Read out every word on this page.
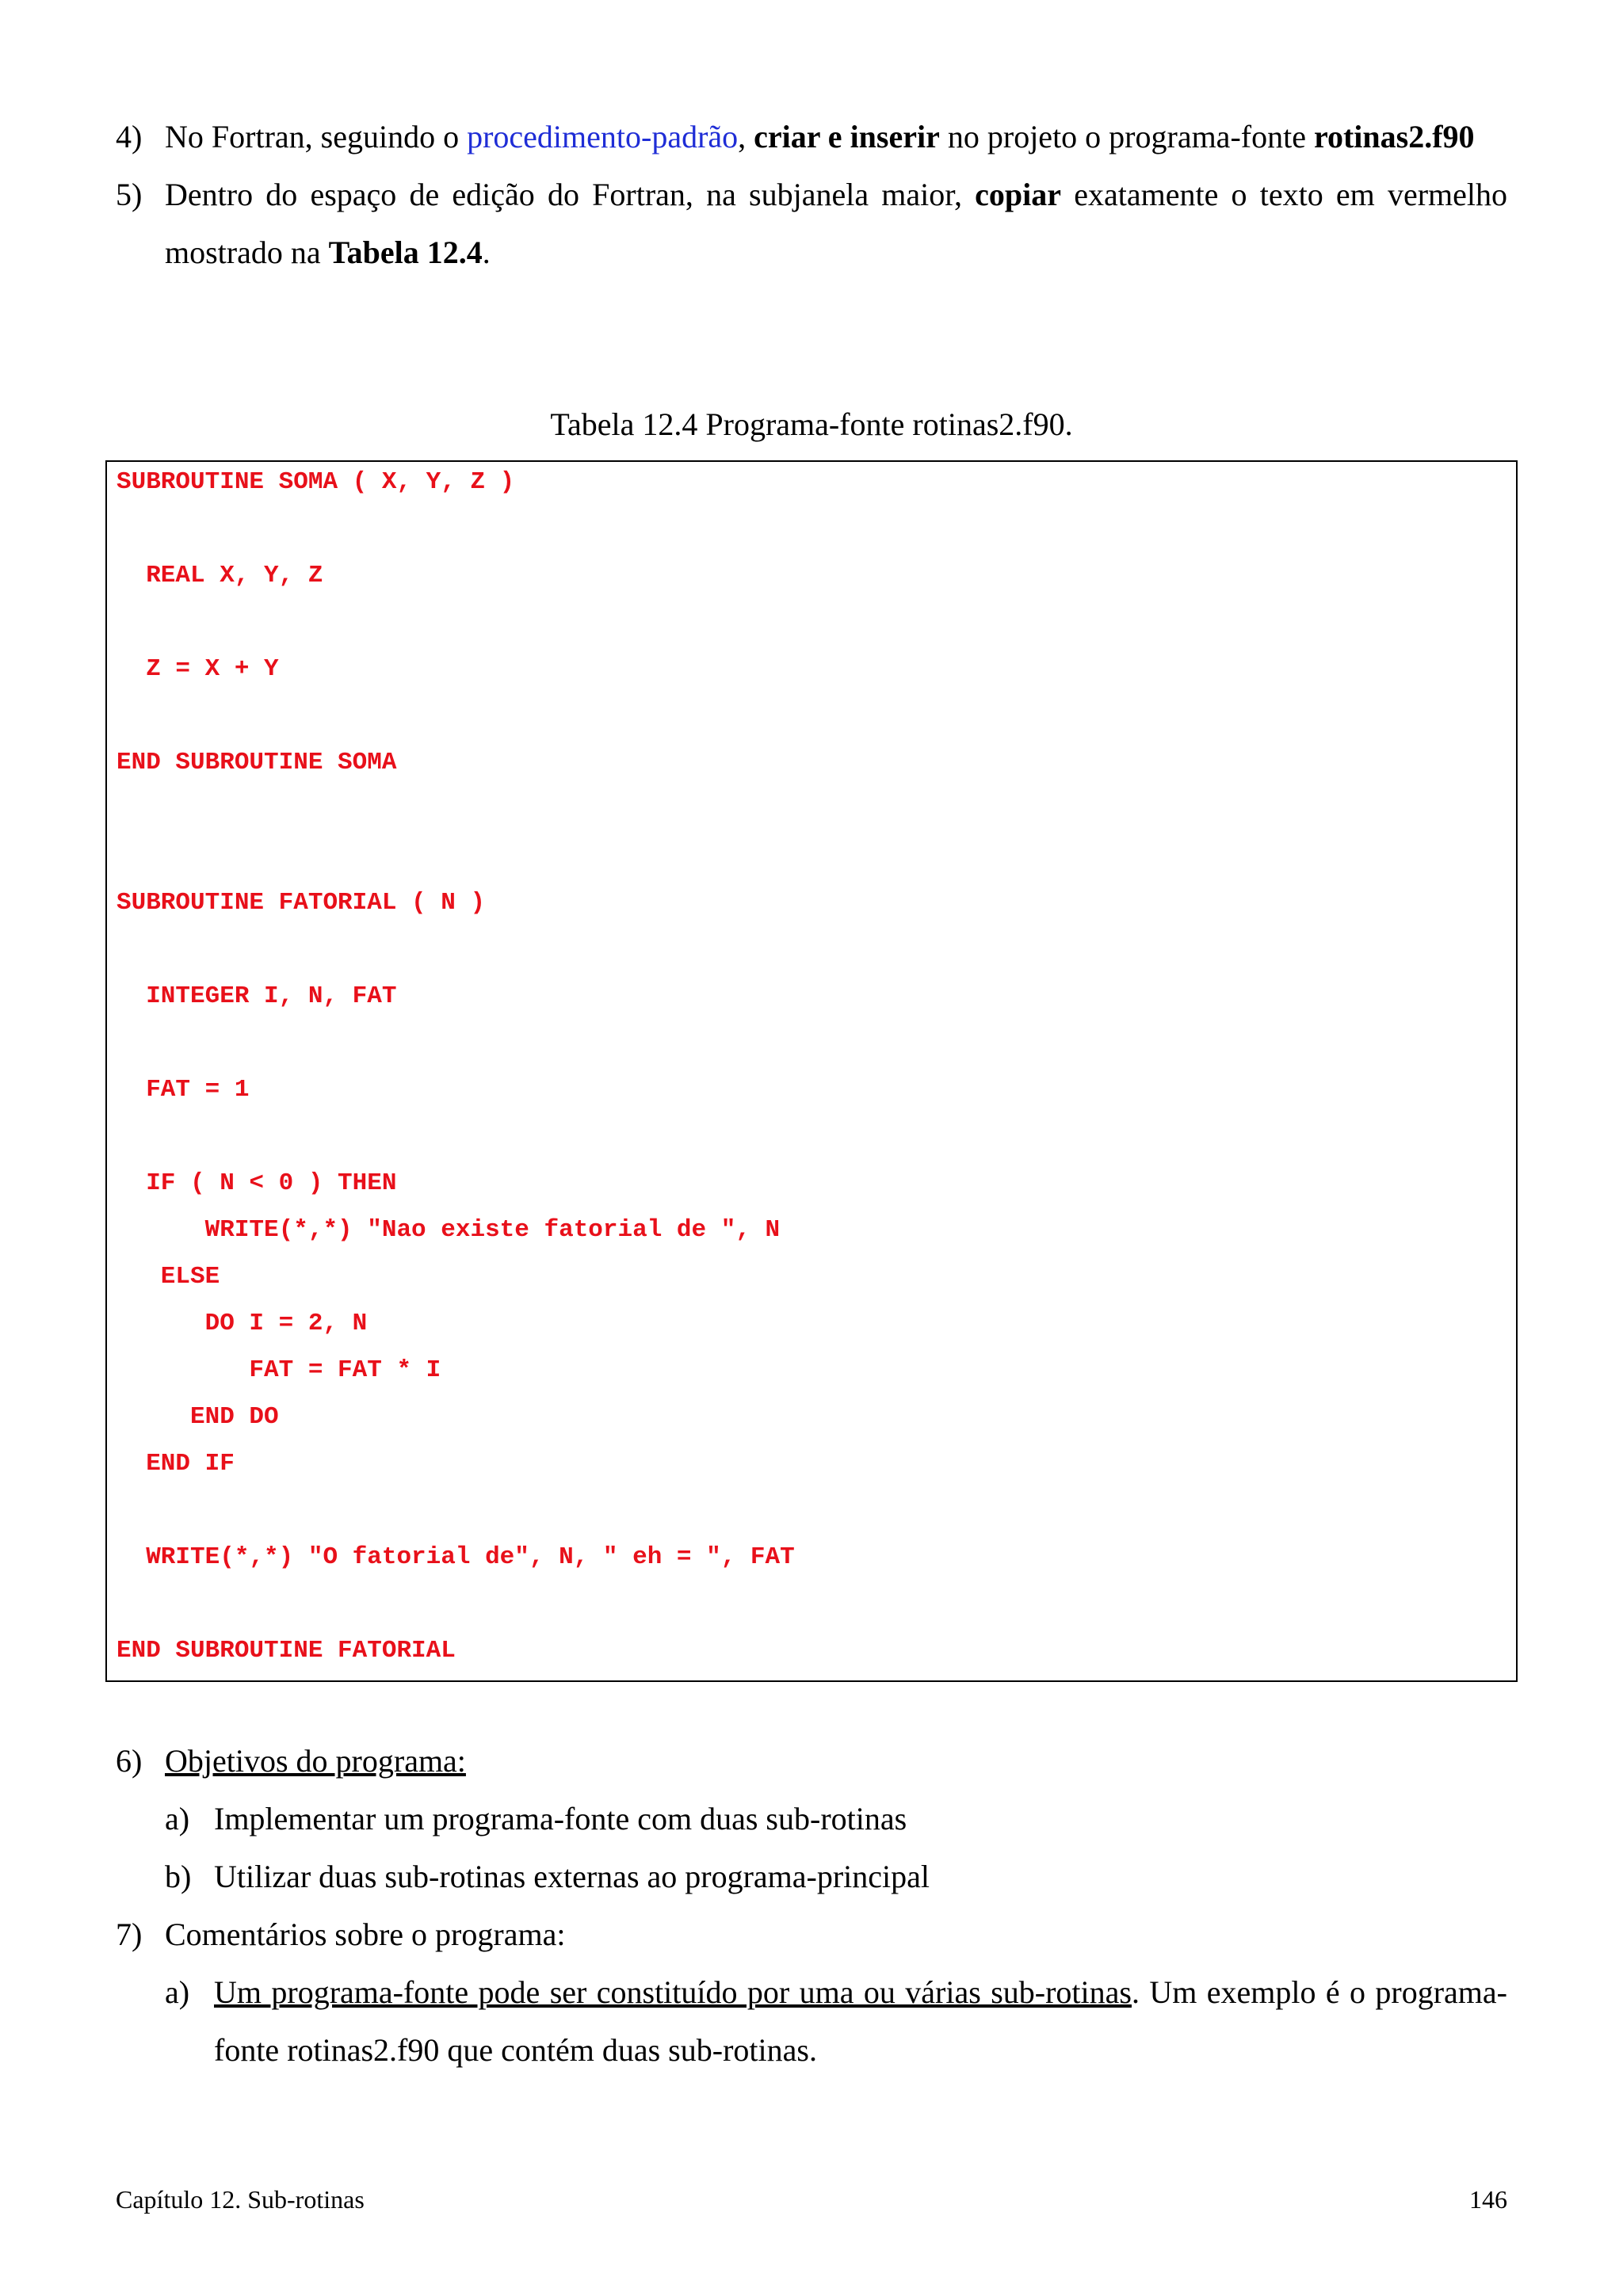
4) No Fortran, seguindo o procedimento-padrão, criar e inserir no projeto o programa-fonte rotinas2.f90
5) Dentro do espaço de edição do Fortran, na subjanela maior, copiar exatamente o texto em vermelho mostrado na Tabela 12.4.
Tabela 12.4 Programa-fonte rotinas2.f90.
SUBROUTINE SOMA ( X, Y, Z )
REAL X, Y, Z
Z = X + Y
END SUBROUTINE SOMA
SUBROUTINE FATORIAL ( N )
INTEGER I, N, FAT
FAT = 1
IF ( N < 0 ) THEN
WRITE(*,*) "Nao existe fatorial de ", N
ELSE
DO I = 2, N
FAT = FAT * I
END DO
END IF
WRITE(*,*) "O fatorial de", N, " eh = ", FAT
END SUBROUTINE FATORIAL
6) Objetivos do programa:
a) Implementar um programa-fonte com duas sub-rotinas
b) Utilizar duas sub-rotinas externas ao programa-principal
7) Comentários sobre o programa:
a) Um programa-fonte pode ser constituído por uma ou várias sub-rotinas. Um exemplo é o programa-fonte rotinas2.f90 que contém duas sub-rotinas.
Capítulo 12. Sub-rotinas	146
